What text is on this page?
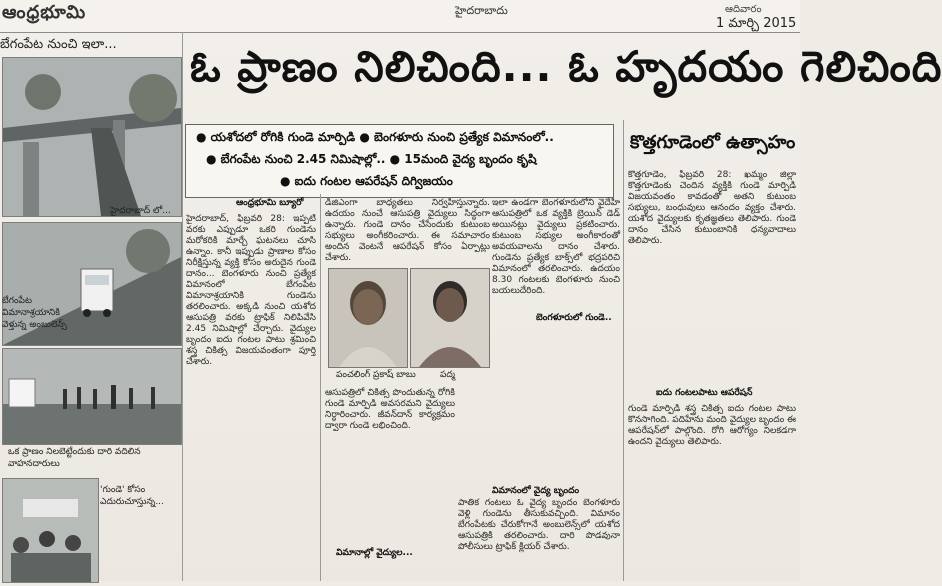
ఆంధ్రభూమి	హైదరాబాదు	ఆదివారం
1 మార్చి 2015
బేగంపేట నుంచి ఇలా...
హైదరాబాద్ లో...
బేగంపేట విమానాశ్రయానికి వెళ్తున్న అంబులెన్స్
ఒక ప్రాణం నిలబెట్టేందుకు దారి వదిలిన వాహనదారులు
'గుండె' కోసం ఎదురుచూస్తున్న...
ఓ ప్రాణం నిలిచింది... ఓ హృదయం గెలిచింది
● యశోదలో రోగికి గుండె మార్పిడి ● బెంగళూరు నుంచి ప్రత్యేక విమానంలో..
● బేగంపేట నుంచి 2.45 నిమిషాల్లో.. ● 15మంది వైద్య బృందం కృషి
● ఐదు గంటల ఆపరేషన్ దిగ్విజయం
కొత్తగూడెంలో ఉత్సాహం
ఆంధ్రభూమి బ్యూరో
హైదరాబాద్, ఫిబ్రవరి 28: ఇప్పటి వరకు ఎప్పుడూ ఒకరి గుండెను మరోకరికి మార్చే ఘటనలు చూసి ఉన్నాం. కానీ ఇప్పుడు ప్రాణాల కోసం నిరీక్షిస్తున్న వ్యక్తి కోసం అరుదైన గుండె దానం... బెంగళూరు నుంచి ప్రత్యేక విమానంలో బేగంపేట విమానాశ్రయానికి గుండెను తరలించారు. అక్కడి నుంచి యశోద ఆసుపత్రి వరకు ట్రాఫిక్ నిలిపివేసి 2.45 నిమిషాల్లో చేర్చారు. వైద్యుల బృందం ఐదు గంటల పాటు శ్రమించి శస్త్ర చికిత్స విజయవంతంగా పూర్తి చేశారు.
డిజిఎంగా బాధ్యతలు నిర్వహిస్తున్నారు. ఉదయం నుంచే ఆసుపత్రి వైద్యులు సిద్ధంగా ఉన్నారు. గుండె దానం చేసేందుకు కుటుంబ సభ్యులు అంగీకరించారు. ఈ సమాచారం అందిన వెంటనే ఆపరేషన్ కోసం ఏర్పాట్లు చేశారు.
పంచలింగ్ ప్రకాష్ బాబు	పద్మ
ఆసుపత్రిలో చికిత్స పొందుతున్న రోగికి గుండె మార్పిడి అవసరమని వైద్యులు నిర్ధారించారు. జీవన్‌దాన్ కార్యక్రమం ద్వారా గుండె లభించింది.
విమానాల్లో వైద్యుల...
బెంగళూరులో గుండె..
ఇలా ఉండగా బెంగళూరులోని వైదేహి ఆసుపత్రిలో ఒక వ్యక్తికి బ్రెయిన్ డెడ్ అయినట్లు వైద్యులు ప్రకటించారు. కుటుంబ సభ్యుల అంగీకారంతో అవయవాలను దానం చేశారు. గుండెను ప్రత్యేక బాక్స్‌లో భద్రపరిచి విమానంలో తరలించారు. ఉదయం 8.30 గంటలకు బెంగళూరు నుంచి బయలుదేరింది.
విమానంలో వైద్య బృందం
పాతిక గంటలు ఓ వైద్య బృందం బెంగళూరు వెళ్లి గుండెను తీసుకువచ్చింది. విమానం బేగంపేటకు చేరుకోగానే అంబులెన్స్‌లో యశోద ఆసుపత్రికి తరలించారు. దారి పొడవునా పోలీసులు ట్రాఫిక్ క్లియర్ చేశారు.
కొత్తగూడెం, ఫిబ్రవరి 28: ఖమ్మం జిల్లా కొత్తగూడెంకు చెందిన వ్యక్తికి గుండె మార్పిడి విజయవంతం కావడంతో అతని కుటుంబ సభ్యులు, బంధువులు ఆనందం వ్యక్తం చేశారు. యశోద వైద్యులకు కృతజ్ఞతలు తెలిపారు. గుండె దానం చేసిన కుటుంబానికి ధన్యవాదాలు తెలిపారు.
ఐదు గంటలపాటు ఆపరేషన్
గుండె మార్పిడి శస్త్ర చికిత్స ఐదు గంటల పాటు కొనసాగింది. పదిహేను మంది వైద్యుల బృందం ఈ ఆపరేషన్‌లో పాల్గొంది. రోగి ఆరోగ్యం నిలకడగా ఉందని వైద్యులు తెలిపారు.
